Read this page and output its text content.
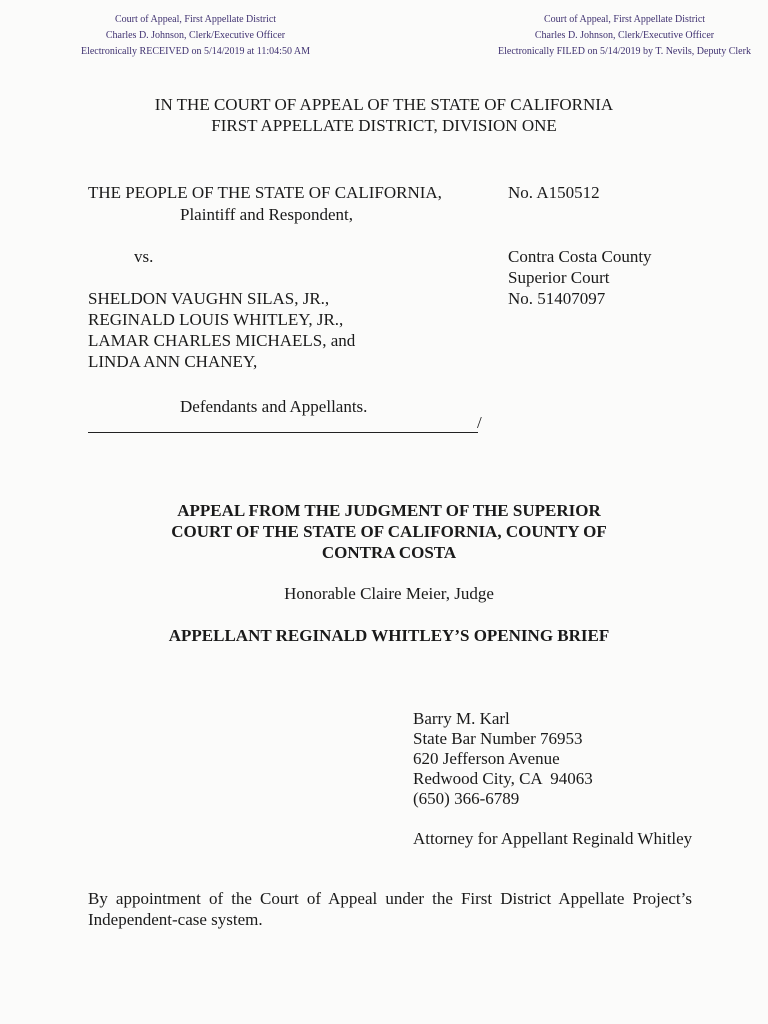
Court of Appeal, First Appellate District
Charles D. Johnson, Clerk/Executive Officer
Electronically RECEIVED on 5/14/2019 at 11:04:50 AM
Court of Appeal, First Appellate District
Charles D. Johnson, Clerk/Executive Officer
Electronically FILED on 5/14/2019 by T. Nevils, Deputy Clerk
IN THE COURT OF APPEAL OF THE STATE OF CALIFORNIA
FIRST APPELLATE DISTRICT, DIVISION ONE
THE PEOPLE OF THE STATE OF CALIFORNIA,
Plaintiff and Respondent,
vs.
SHELDON VAUGHN SILAS, JR.,
REGINALD LOUIS WHITLEY, JR.,
LAMAR CHARLES MICHAELS, and
LINDA ANN CHANEY,
Defendants and Appellants.
/
No. A150512
Contra Costa County
Superior Court
No. 51407097
APPEAL FROM THE JUDGMENT OF THE SUPERIOR
COURT OF THE STATE OF CALIFORNIA, COUNTY OF
CONTRA COSTA
Honorable Claire Meier, Judge
APPELLANT REGINALD WHITLEY’S OPENING BRIEF
Barry M. Karl
State Bar Number 76953
620 Jefferson Avenue
Redwood City, CA  94063
(650) 366-6789
Attorney for Appellant Reginald Whitley
By appointment of the Court of Appeal under the First District Appellate Project’s Independent-case system.
